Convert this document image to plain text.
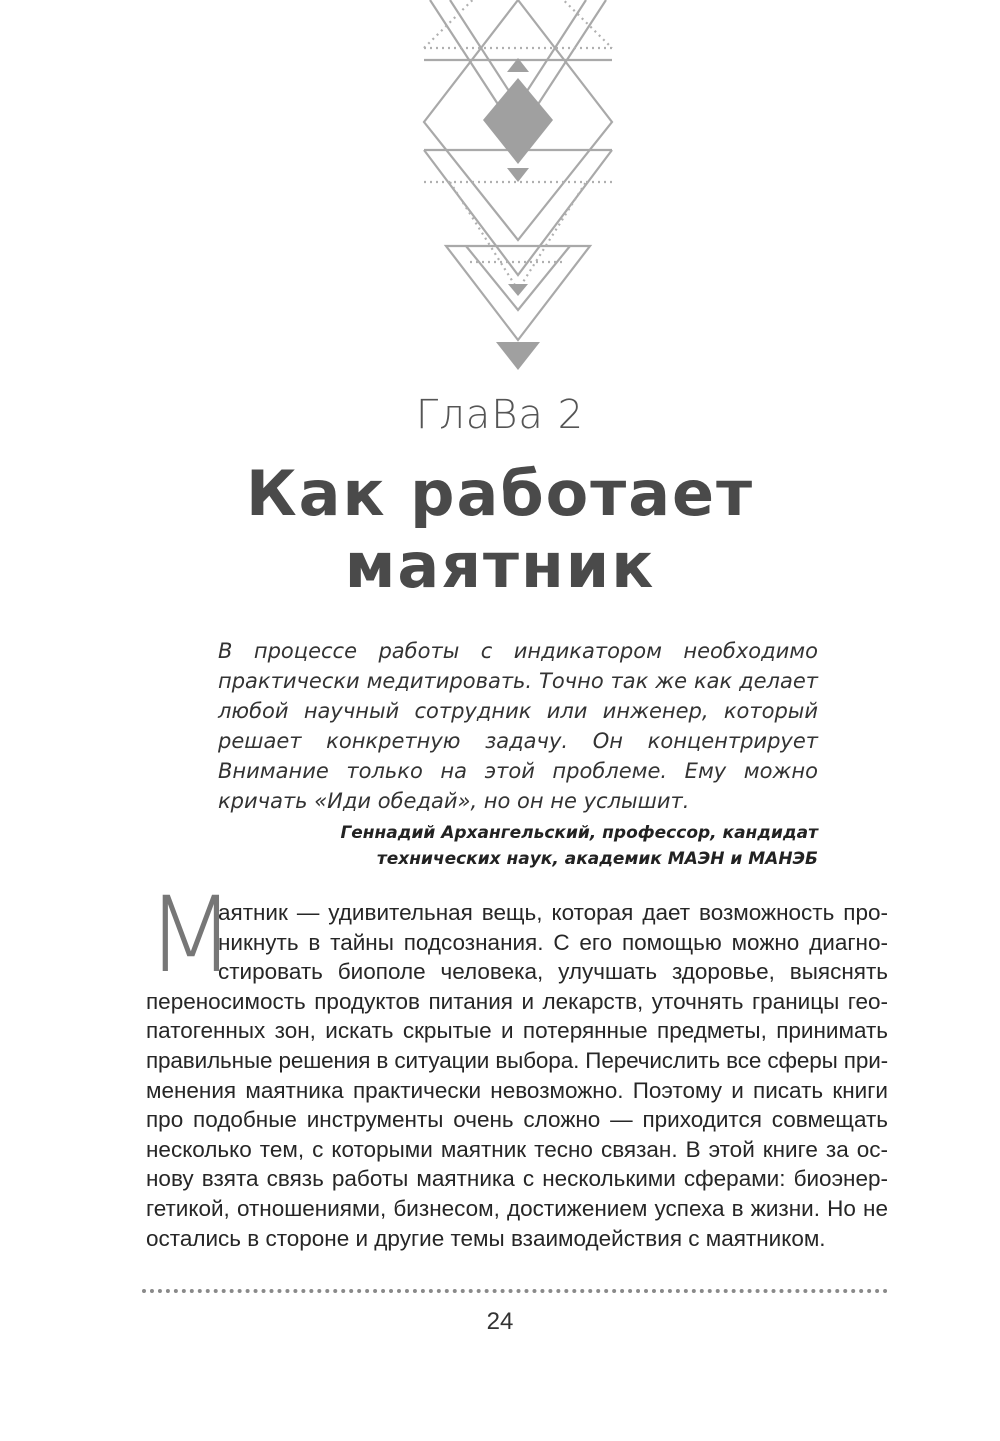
ГлаВа 2
Как работает
маятник
В процессе работы с индикатором необходимо практически медитировать. Точно так же как делает любой научный сотрудник или инженер, который решает конкретную задачу. Он концентрирует Внимание только на этой проблеме. Ему можно кричать «Иди обедай», но он не услышит.
Геннадий Архангельский, профессор, кандидат
технических наук, академик МАЭН и МАНЭБ
М
аятник — удивительная вещь, которая дает возможность про-
никнуть в тайны подсознания. С его помощью можно диагно-
стировать биополе человека, улучшать здоровье, выяснять
переносимость продуктов питания и лекарств, уточнять границы гео-
патогенных зон, искать скрытые и потерянные предметы, принимать
правильные решения в ситуации выбора. Перечислить все сферы при-
менения маятника практически невозможно. Поэтому и писать книги
про подобные инструменты очень сложно — приходится совмещать
несколько тем, с которыми маятник тесно связан. В этой книге за ос-
нову взята связь работы маятника с несколькими сферами: биоэнер-
гетикой, отношениями, бизнесом, достижением успеха в жизни. Но не
остались в стороне и другие темы взаимодействия с маятником.
24
